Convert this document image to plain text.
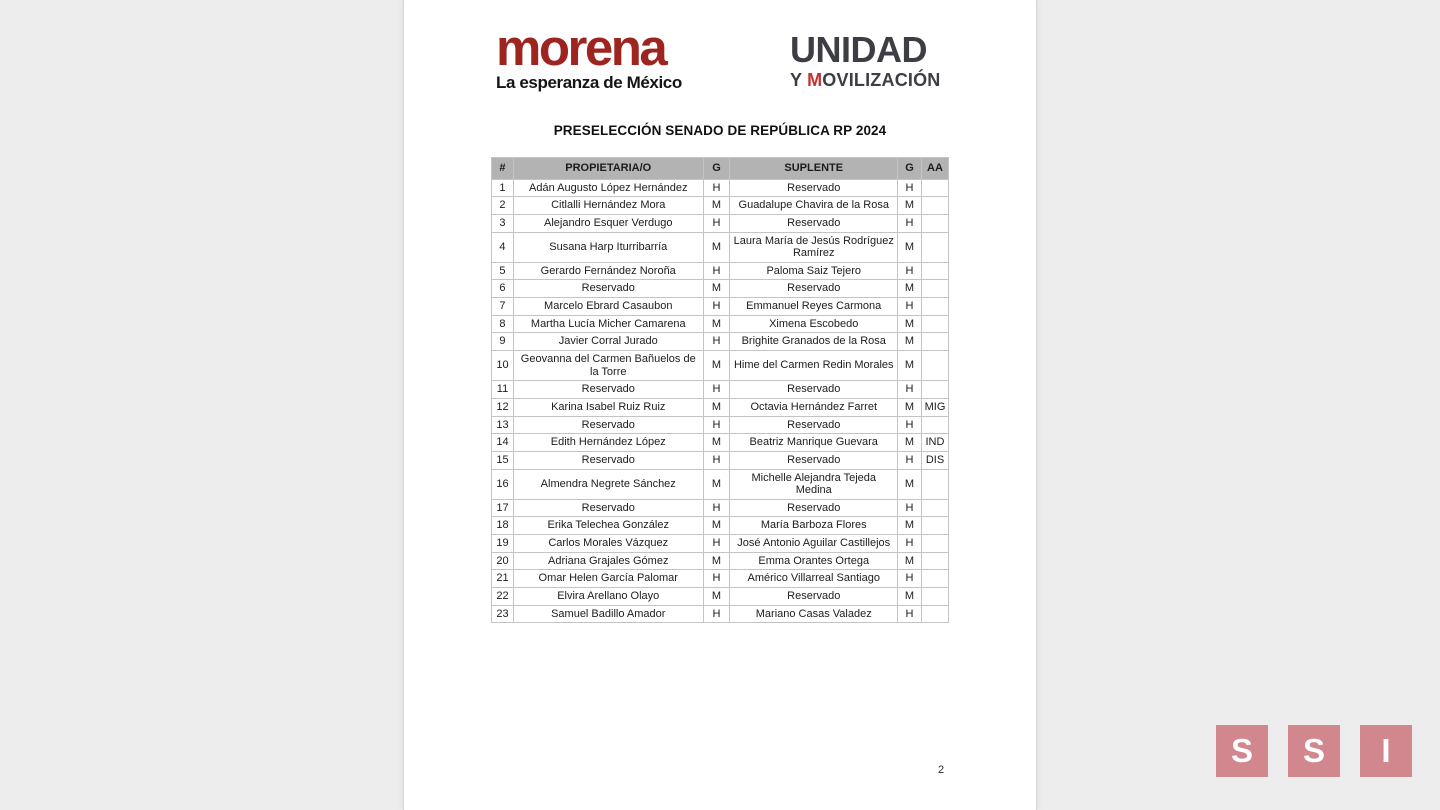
morena
La esperanza de México
UNIDAD
Y MOVILIZACIÓN
PRESELECCIÓN SENADO DE REPÚBLICA RP 2024
#	PROPIETARIA/O	G	SUPLENTE	G	AA
1	Adán Augusto López Hernández	H	Reservado	H	
2	Citlalli Hernández Mora	M	Guadalupe Chavira de la Rosa	M	
3	Alejandro Esquer Verdugo	H	Reservado	H	
4	Susana Harp Iturribarría	M	Laura María de Jesús Rodríguez Ramírez	M	
5	Gerardo Fernández Noroña	H	Paloma Saiz Tejero	H	
6	Reservado	M	Reservado	M	
7	Marcelo Ebrard Casaubon	H	Emmanuel Reyes Carmona	H	
8	Martha Lucía Micher Camarena	M	Ximena Escobedo	M	
9	Javier Corral Jurado	H	Brighite Granados de la Rosa	M	
10	Geovanna del Carmen Bañuelos de la Torre	M	Hime del Carmen Redin Morales	M	
11	Reservado	H	Reservado	H	
12	Karina Isabel Ruiz Ruiz	M	Octavia Hernández Farret	M	MIG
13	Reservado	H	Reservado	H	
14	Edith Hernández López	M	Beatriz Manrique Guevara	M	IND
15	Reservado	H	Reservado	H	DIS
16	Almendra Negrete Sánchez	M	Michelle Alejandra Tejeda Medina	M	
17	Reservado	H	Reservado	H	
18	Erika Telechea González	M	María Barboza Flores	M	
19	Carlos Morales Vázquez	H	José Antonio Aguilar Castillejos	H	
20	Adriana Grajales Gómez	M	Emma Orantes Ortega	M	
21	Omar Helen García Palomar	H	Américo Villarreal Santiago	H	
22	Elvira Arellano Olayo	M	Reservado	M	
23	Samuel Badillo Amador	H	Mariano Casas Valadez	H	
2
S	S	I
